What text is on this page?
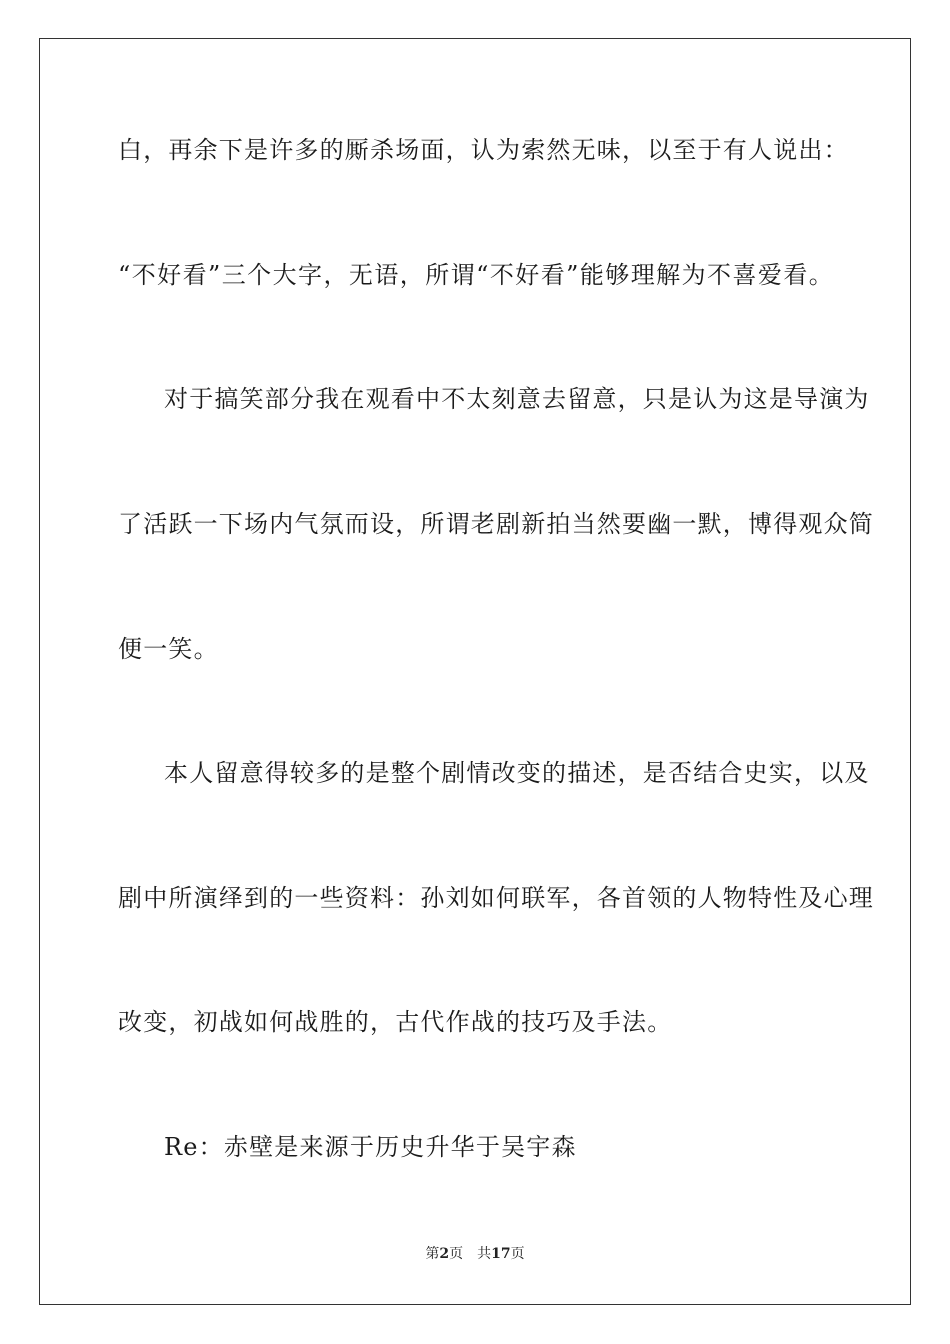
白，再余下是许多的厮杀场面，认为索然无味，以至于有人说出：
“不好看”三个大字，无语，所谓“不好看”能够理解为不喜爱看。
对于搞笑部分我在观看中不太刻意去留意，只是认为这是导演为
了活跃一下场内气氛而设，所谓老剧新拍当然要幽一默，博得观众简
便一笑。
本人留意得较多的是整个剧情改变的描述，是否结合史实，以及
剧中所演绎到的一些资料：孙刘如何联军，各首领的人物特性及心理
改变，初战如何战胜的，古代作战的技巧及手法。
Re：赤壁是来源于历史升华于吴宇森
第2页 共17页
